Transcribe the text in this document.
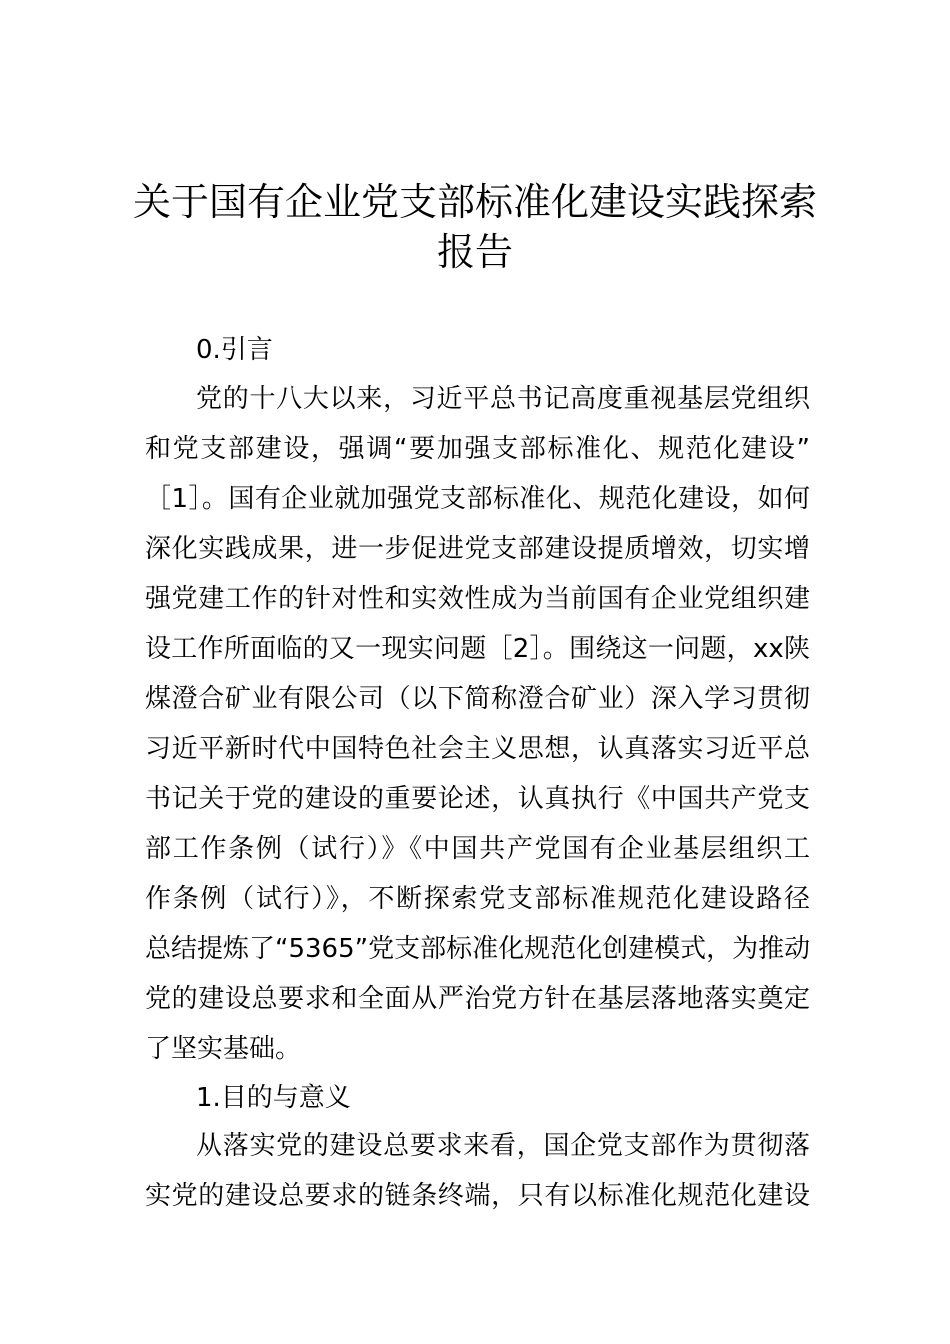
关于国有企业党支部标准化建设实践探索
报告
0.引言
党的十八大以来，习近平总书记高度重视基层党组织
和党支部建设，强调“要加强支部标准化、规范化建设”
［1］。国有企业就加强党支部标准化、规范化建设，如何
深化实践成果，进一步促进党支部建设提质增效，切实增
强党建工作的针对性和实效性成为当前国有企业党组织建
设工作所面临的又一现实问题［2］。围绕这一问题，xx陕
煤澄合矿业有限公司（以下简称澄合矿业）深入学习贯彻
习近平新时代中国特色社会主义思想，认真落实习近平总
书记关于党的建设的重要论述，认真执行《中国共产党支
部工作条例（试行）》《中国共产党国有企业基层组织工
作条例（试行）》，不断探索党支部标准规范化建设路径
总结提炼了“5365”党支部标准化规范化创建模式，为推动
党的建设总要求和全面从严治党方针在基层落地落实奠定
了坚实基础。
1.目的与意义
从落实党的建设总要求来看，国企党支部作为贯彻落
实党的建设总要求的链条终端，只有以标准化规范化建设
